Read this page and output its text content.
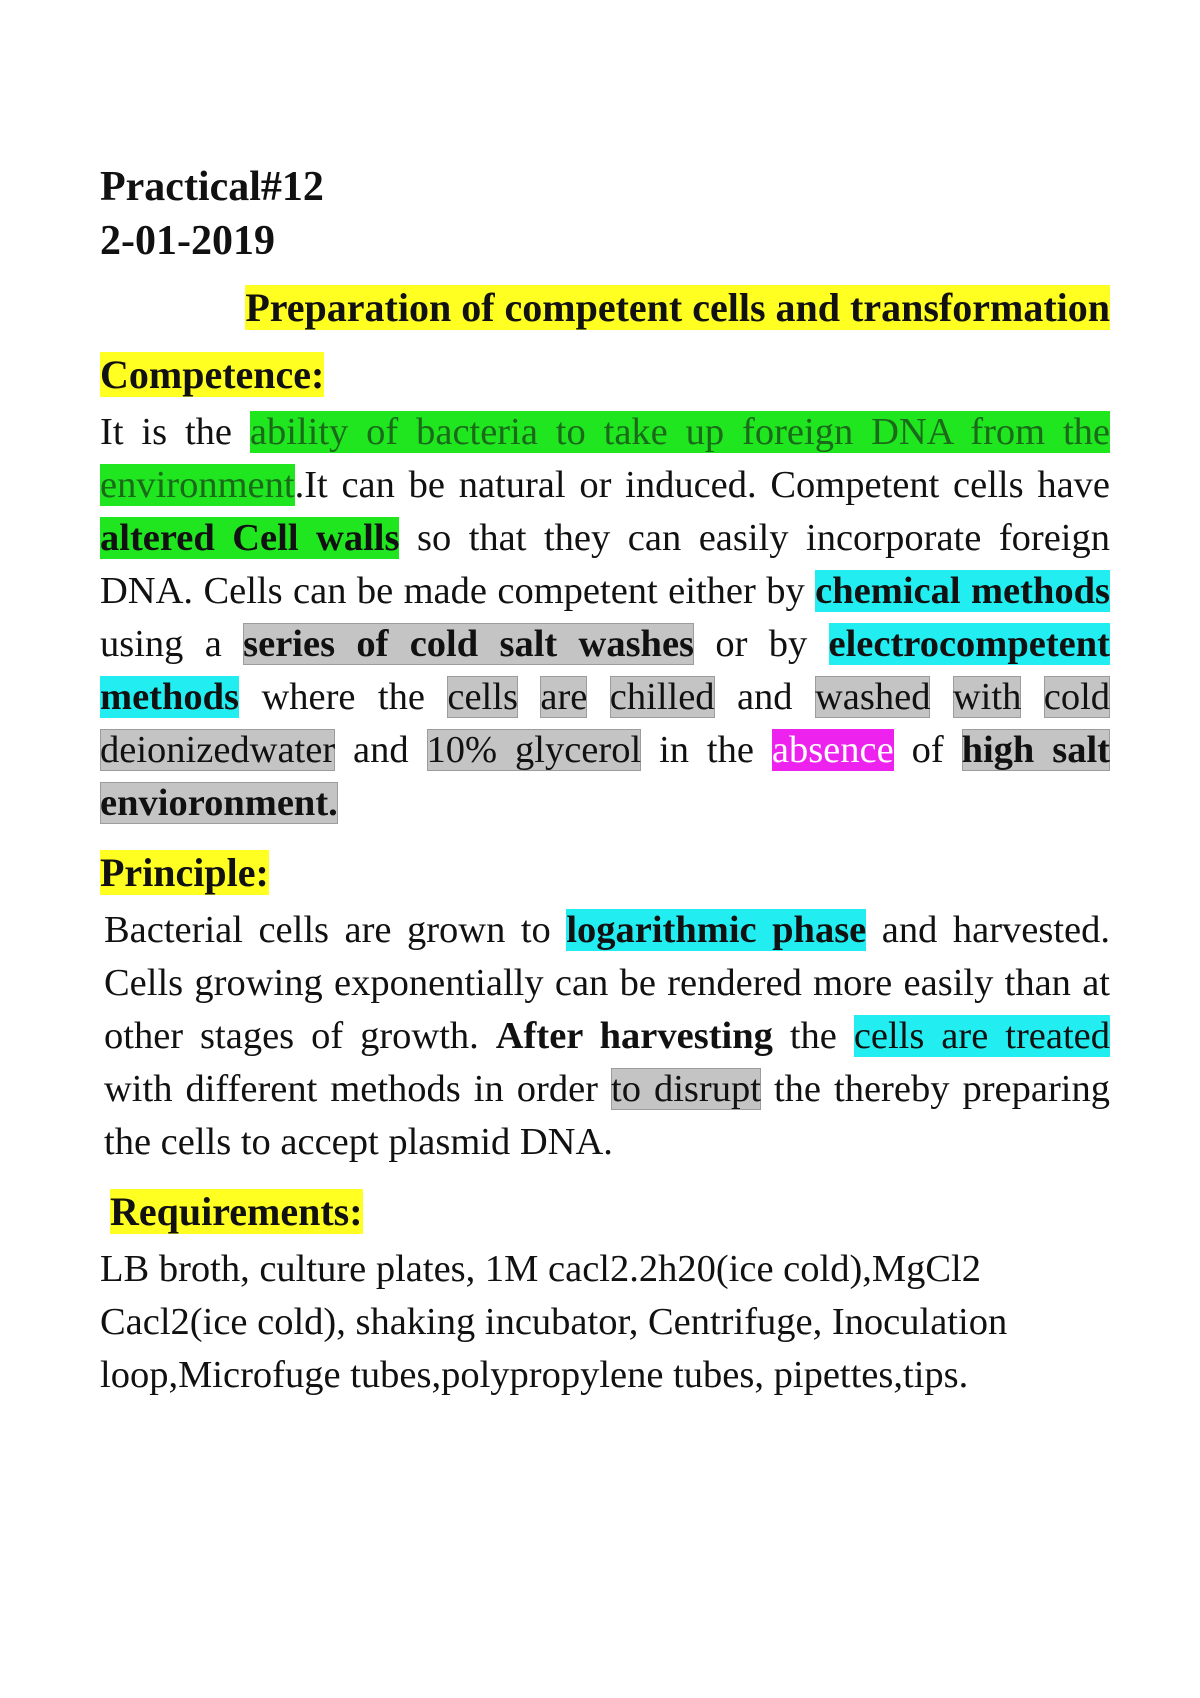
Practical#12

2-01-2019

Preparation of competent cells and transformation

Competence:

It is the ability of bacteria to take up foreign DNA from the environment.It can be natural or induced. Competent cells have altered Cell walls so that they can easily incorporate foreign DNA. Cells can be made competent either by chemical methods using a series of cold salt washes or by electrocompetent methods where the cells are chilled and washed with cold deionizedwater and 10% glycerol in the absence of high salt envioronment.

Principle:

Bacterial cells are grown to logarithmic phase and harvested. Cells growing exponentially can be rendered more easily than at other stages of growth. After harvesting the cells are treated with different methods in order to disrupt the thereby preparing the cells to accept plasmid DNA.

Requirements:

LB broth, culture plates, 1M cacl2.2h20(ice cold),MgCl2
Cacl2(ice cold), shaking incubator, Centrifuge, Inoculation
loop,Microfuge tubes,polypropylene tubes, pipettes,tips.
